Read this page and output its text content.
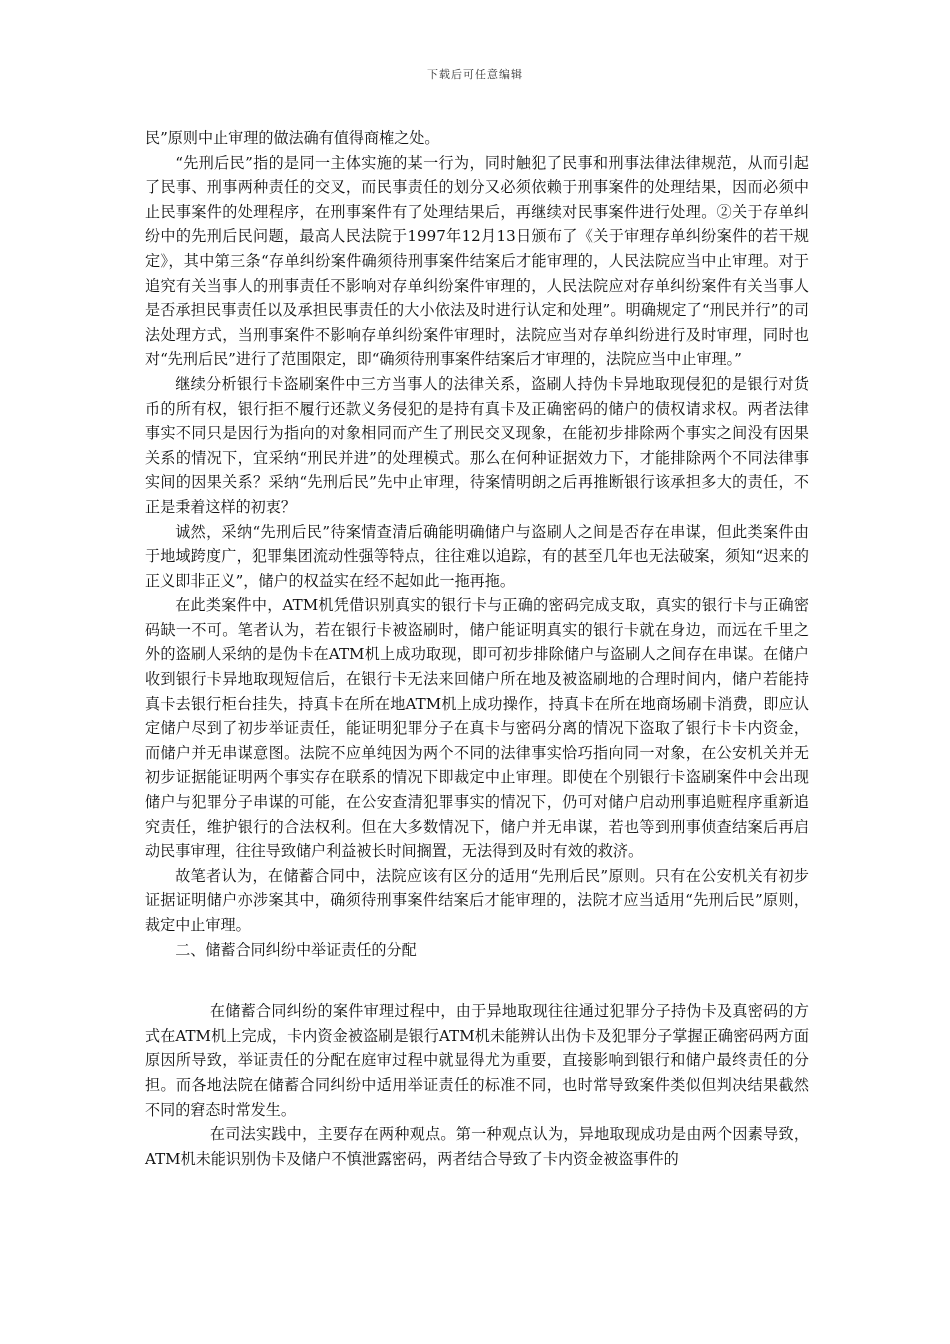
下载后可任意编辑

民”原则中止审理的做法确有值得商榷之处。

“先刑后民”指的是同一主体实施的某一行为，同时触犯了民事和刑事法律法律规范，从而引起了民事、刑事两种责任的交叉，而民事责任的划分又必须依赖于刑事案件的处理结果，因而必须中止民事案件的处理程序，在刑事案件有了处理结果后，再继续对民事案件进行处理。②关于存单纠纷中的先刑后民问题，最高人民法院于1997年12月13日颁布了《关于审理存单纠纷案件的若干规定》，其中第三条“存单纠纷案件确须待刑事案件结案后才能审理的，人民法院应当中止审理。对于追究有关当事人的刑事责任不影响对存单纠纷案件审理的，人民法院应对存单纠纷案件有关当事人是否承担民事责任以及承担民事责任的大小依法及时进行认定和处理”。明确规定了“刑民并行”的司法处理方式，当刑事案件不影响存单纠纷案件审理时，法院应当对存单纠纷进行及时审理，同时也对“先刑后民”进行了范围限定，即“确须待刑事案件结案后才审理的，法院应当中止审理。”

继续分析银行卡盗刷案件中三方当事人的法律关系，盗刷人持伪卡异地取现侵犯的是银行对货币的所有权，银行拒不履行还款义务侵犯的是持有真卡及正确密码的储户的债权请求权。两者法律事实不同只是因行为指向的对象相同而产生了刑民交叉现象，在能初步排除两个事实之间没有因果关系的情况下，宜采纳“刑民并进”的处理模式。那么在何种证据效力下，才能排除两个不同法律事实间的因果关系？采纳“先刑后民”先中止审理，待案情明朗之后再推断银行该承担多大的责任，不正是秉着这样的初衷？

诚然，采纳“先刑后民”待案情查清后确能明确储户与盗刷人之间是否存在串谋，但此类案件由于地域跨度广，犯罪集团流动性强等特点，往往难以追踪，有的甚至几年也无法破案，须知“迟来的正义即非正义”，储户的权益实在经不起如此一拖再拖。

在此类案件中，ATM机凭借识别真实的银行卡与正确的密码完成支取，真实的银行卡与正确密码缺一不可。笔者认为，若在银行卡被盗刷时，储户能证明真实的银行卡就在身边，而远在千里之外的盗刷人采纳的是伪卡在ATM机上成功取现，即可初步排除储户与盗刷人之间存在串谋。在储户收到银行卡异地取现短信后，在银行卡无法来回储户所在地及被盗刷地的合理时间内，储户若能持真卡去银行柜台挂失，持真卡在所在地ATM机上成功操作，持真卡在所在地商场刷卡消费，即应认定储户尽到了初步举证责任，能证明犯罪分子在真卡与密码分离的情况下盗取了银行卡卡内资金，而储户并无串谋意图。法院不应单纯因为两个不同的法律事实恰巧指向同一对象，在公安机关并无初步证据能证明两个事实存在联系的情况下即裁定中止审理。即使在个别银行卡盗刷案件中会出现储户与犯罪分子串谋的可能，在公安查清犯罪事实的情况下，仍可对储户启动刑事追赃程序重新追究责任，维护银行的合法权利。但在大多数情况下，储户并无串谋，若也等到刑事侦查结案后再启动民事审理，往往导致储户利益被长时间搁置，无法得到及时有效的救济。

故笔者认为，在储蓄合同中，法院应该有区分的适用“先刑后民”原则。只有在公安机关有初步证据证明储户亦涉案其中，确须待刑事案件结案后才能审理的，法院才应当适用“先刑后民”原则，裁定中止审理。

二、储蓄合同纠纷中举证责任的分配

在储蓄合同纠纷的案件审理过程中，由于异地取现往往通过犯罪分子持伪卡及真密码的方式在ATM机上完成，卡内资金被盗刷是银行ATM机未能辨认出伪卡及犯罪分子掌握正确密码两方面原因所导致，举证责任的分配在庭审过程中就显得尤为重要，直接影响到银行和储户最终责任的分担。而各地法院在储蓄合同纠纷中适用举证责任的标准不同，也时常导致案件类似但判决结果截然不同的窘态时常发生。

在司法实践中，主要存在两种观点。第一种观点认为，异地取现成功是由两个因素导致，ATM机未能识别伪卡及储户不慎泄露密码，两者结合导致了卡内资金被盗事件的
